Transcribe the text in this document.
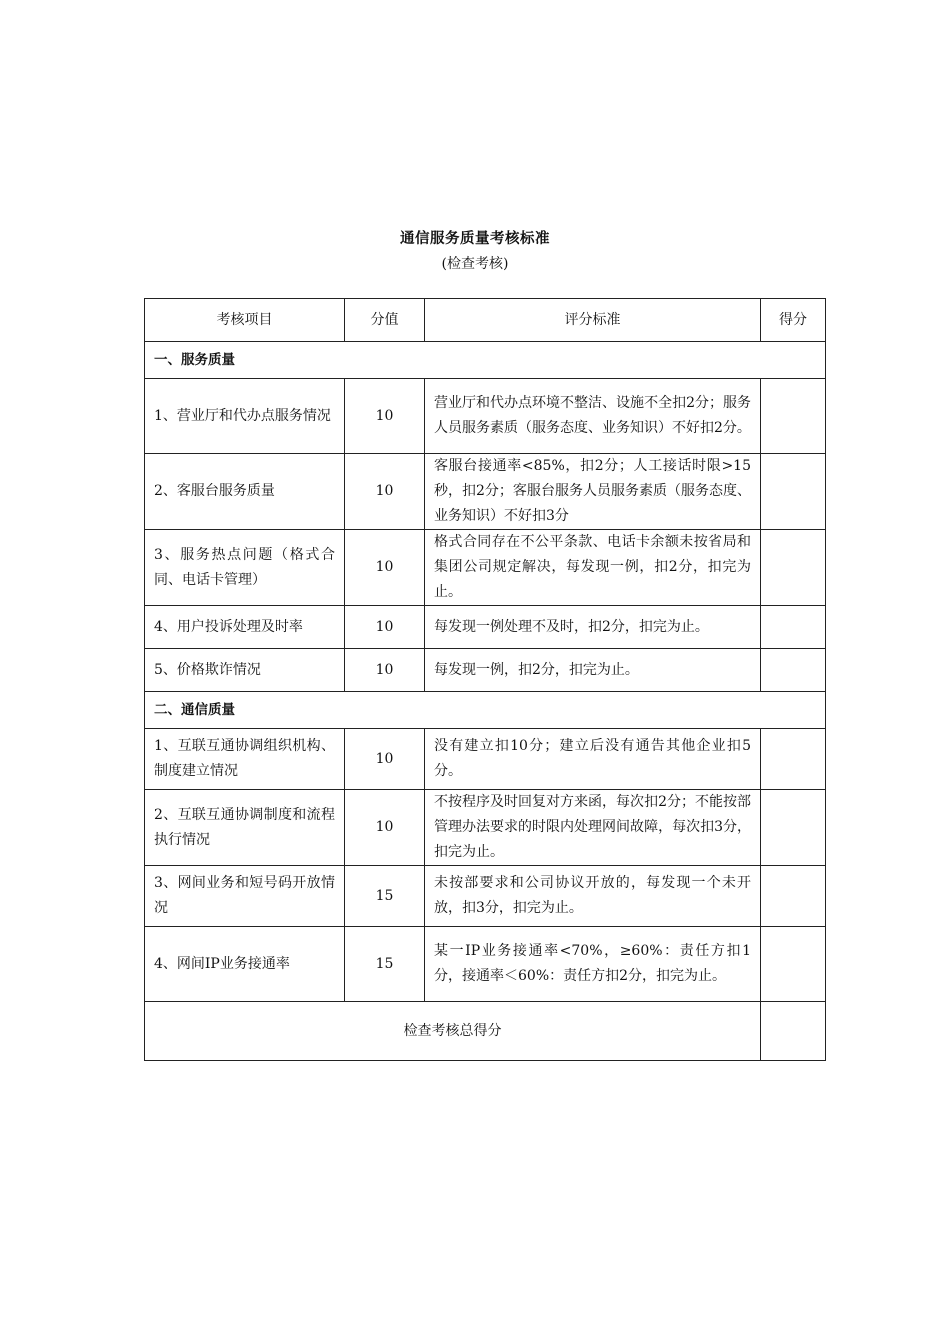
通信服务质量考核标准
(检查考核)
考核项目	分值	评分标准	得分
一、服务质量			
1、营业厅和代办点服务情况	10	营业厅和代办点环境不整洁、设施不全扣2分；服务人员服务素质（服务态度、业务知识）不好扣2分。	
2、客服台服务质量	10	客服台接通率<85%，扣2分；人工接话时限>15秒，扣2分；客服台服务人员服务素质（服务态度、业务知识）不好扣3分	
3、服务热点问题（格式合同、电话卡管理）	10	格式合同存在不公平条款、电话卡余额未按省局和集团公司规定解决，每发现一例，扣2分，扣完为止。	
4、用户投诉处理及时率	10	每发现一例处理不及时，扣2分，扣完为止。	
5、价格欺诈情况	10	每发现一例，扣2分，扣完为止。	
二、通信质量			
1、互联互通协调组织机构、制度建立情况	10	没有建立扣10分；建立后没有通告其他企业扣5分。	
2、互联互通协调制度和流程执行情况	10	不按程序及时回复对方来函，每次扣2分；不能按部管理办法要求的时限内处理网间故障，每次扣3分，扣完为止。	
3、网间业务和短号码开放情况	15	未按部要求和公司协议开放的，每发现一个未开放，扣3分，扣完为止。	
4、网间IP业务接通率	15	某一IP业务接通率<70%，≥60%：责任方扣1分，接通率＜60%：责任方扣2分，扣完为止。	
检查考核总得分			
